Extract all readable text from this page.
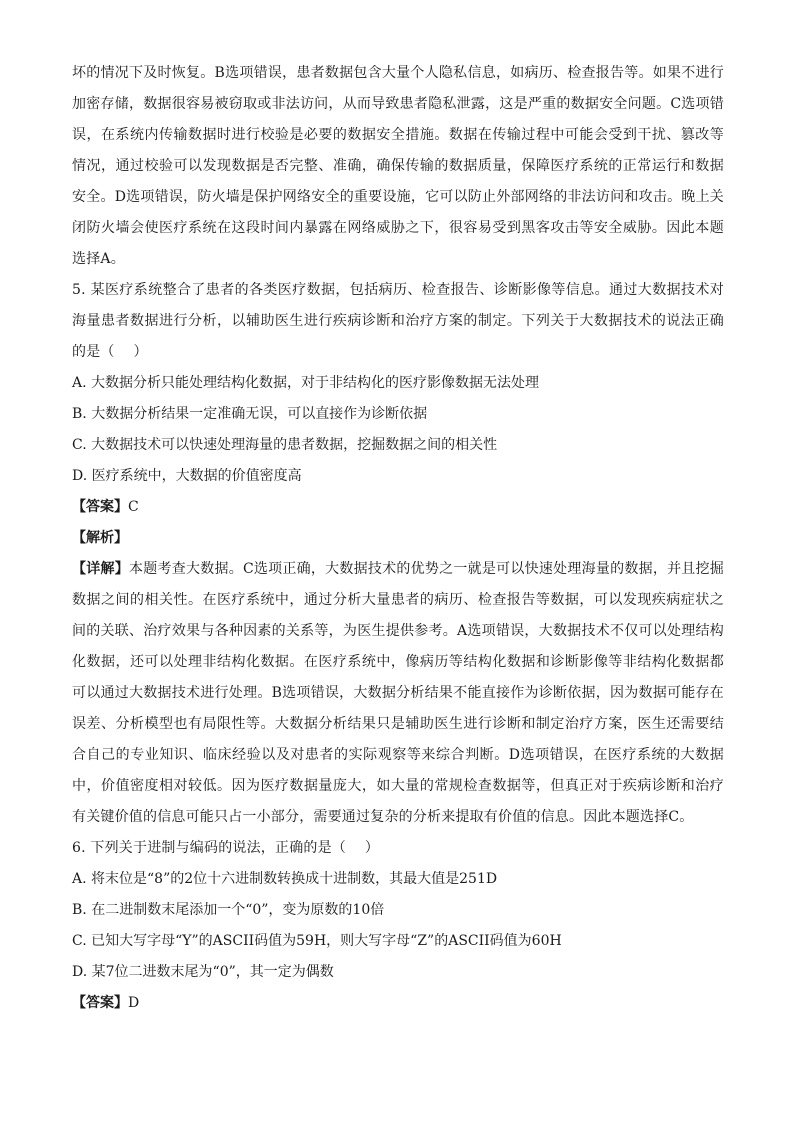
坏的情况下及时恢复。B选项错误，患者数据包含大量个人隐私信息，如病历、检查报告等。如果不进行加密存储，数据很容易被窃取或非法访问，从而导致患者隐私泄露，这是严重的数据安全问题。C选项错误，在系统内传输数据时进行校验是必要的数据安全措施。数据在传输过程中可能会受到干扰、篡改等情况，通过校验可以发现数据是否完整、准确，确保传输的数据质量，保障医疗系统的正常运行和数据安全。D选项错误，防火墙是保护网络安全的重要设施，它可以防止外部网络的非法访问和攻击。晚上关闭防火墙会使医疗系统在这段时间内暴露在网络威胁之下，很容易受到黑客攻击等安全威胁。因此本题选择A。

5. 某医疗系统整合了患者的各类医疗数据，包括病历、检查报告、诊断影像等信息。通过大数据技术对海量患者数据进行分析，以辅助医生进行疾病诊断和治疗方案的制定。下列关于大数据技术的说法正确的是（　 ）

A. 大数据分析只能处理结构化数据，对于非结构化的医疗影像数据无法处理

B. 大数据分析结果一定准确无误，可以直接作为诊断依据

C. 大数据技术可以快速处理海量的患者数据，挖掘数据之间的相关性

D. 医疗系统中，大数据的价值密度高

【答案】C

【解析】

【详解】本题考查大数据。C选项正确，大数据技术的优势之一就是可以快速处理海量的数据，并且挖掘数据之间的相关性。在医疗系统中，通过分析大量患者的病历、检查报告等数据，可以发现疾病症状之间的关联、治疗效果与各种因素的关系等，为医生提供参考。A选项错误，大数据技术不仅可以处理结构化数据，还可以处理非结构化数据。在医疗系统中，像病历等结构化数据和诊断影像等非结构化数据都可以通过大数据技术进行处理。B选项错误，大数据分析结果不能直接作为诊断依据，因为数据可能存在误差、分析模型也有局限性等。大数据分析结果只是辅助医生进行诊断和制定治疗方案，医生还需要结合自己的专业知识、临床经验以及对患者的实际观察等来综合判断。D选项错误，在医疗系统的大数据中，价值密度相对较低。因为医疗数据量庞大，如大量的常规检查数据等，但真正对于疾病诊断和治疗有关键价值的信息可能只占一小部分，需要通过复杂的分析来提取有价值的信息。因此本题选择C。

6. 下列关于进制与编码的说法，正确的是（　 ）

A. 将末位是“8”的2位十六进制数转换成十进制数，其最大值是251D

B. 在二进制数末尾添加一个“0”，变为原数的10倍

C. 已知大写字母“Y”的ASCII码值为59H，则大写字母“Z”的ASCII码值为60H

D. 某7位二进数末尾为“0”，其一定为偶数

【答案】D
